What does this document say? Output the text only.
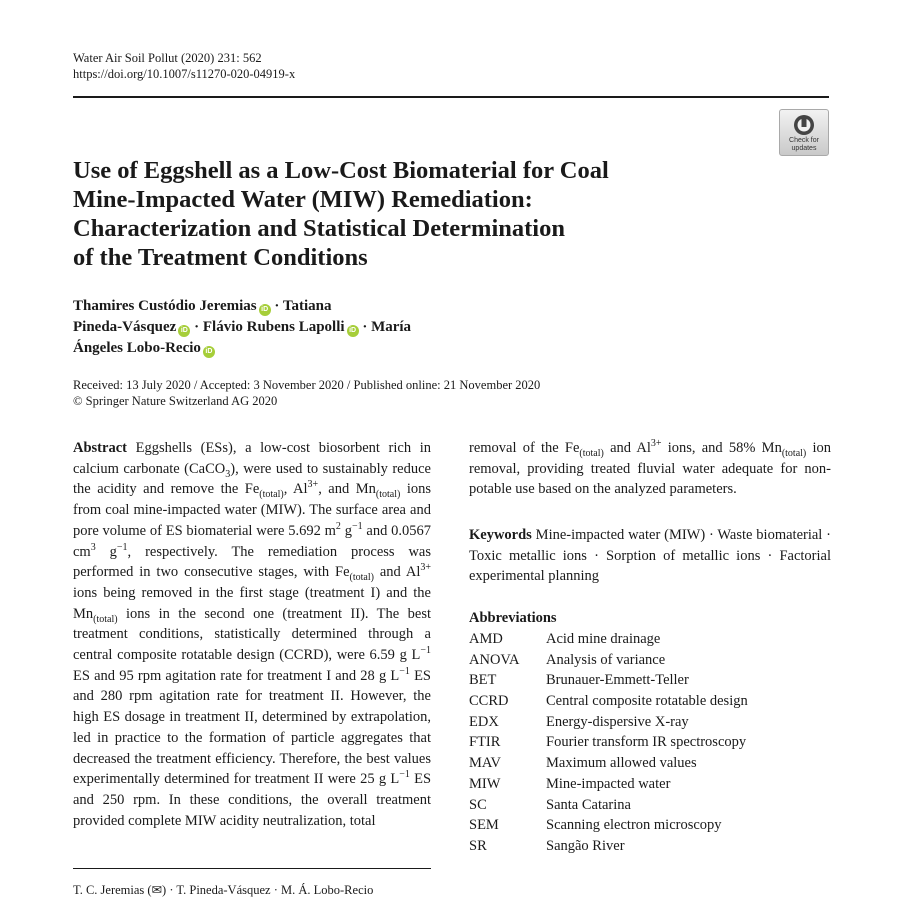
Water Air Soil Pollut (2020) 231: 562
https://doi.org/10.1007/s11270-020-04919-x
Check for
updates
Use of Eggshell as a Low-Cost Biomaterial for Coal
Mine-Impacted Water (MIW) Remediation:
Characterization and Statistical Determination
of the Treatment Conditions
Thamires Custódio Jeremias iD · Tatiana
Pineda-Vásquez iD · Flávio Rubens Lapolli iD · María
Ángeles Lobo-Recio iD
Received: 13 July 2020 / Accepted: 3 November 2020 / Published online: 21 November 2020
© Springer Nature Switzerland AG 2020
Abstract Eggshells (ESs), a low-cost biosorbent rich in calcium carbonate (CaCO$_3$), were used to sustainably reduce the acidity and remove the $Fe_{(total)}$, $Al^{3+}$, and $Mn_{(total)}$ ions from coal mine-impacted water (MIW). The surface area and pore volume of ES biomaterial were 5.692 $m^2$ $g^{-1}$ and 0.0567 $cm^3$ $g^{-1}$, respectively. The remediation process was performed in two consecutive stages, with $Fe_{(total)}$ and $Al^{3+}$ ions being removed in the first stage (treatment I) and the $Mn_{(total)}$ ions in the second one (treatment II). The best treatment conditions, statistically determined through a central composite rotatable design (CCRD), were 6.59 g $L^{-1}$ ES and 95 rpm agitation rate for treatment I and 28 g $L^{-1}$ ES and 280 rpm agitation rate for treatment II. However, the high ES dosage in treatment II, determined by extrapolation, led in practice to the formation of particle aggregates that decreased the treatment efficiency. Therefore, the best values experimentally determined for treatment II were 25 g $L^{-1}$ ES and 250 rpm. In these conditions, the overall treatment provided complete MIW acidity neutralization, total
removal of the $Fe_{(total)}$ and $Al^{3+}$ ions, and 58% $Mn_{(total)}$ ion removal, providing treated fluvial water adequate for non-potable use based on the analyzed parameters.
Keywords Mine-impacted water (MIW) · Waste biomaterial · Toxic metallic ions · Sorption of metallic ions · Factorial experimental planning
Abbreviations
AMD	Acid mine drainage
ANOVA	Analysis of variance
BET	Brunauer-Emmett-Teller
CCRD	Central composite rotatable design
EDX	Energy-dispersive X-ray
FTIR	Fourier transform IR spectroscopy
MAV	Maximum allowed values
MIW	Mine-impacted water
SC	Santa Catarina
SEM	Scanning electron microscopy
SR	Sangão River
T. C. Jeremias (✉) · T. Pineda-Vásquez · M. Á. Lobo-Recio
